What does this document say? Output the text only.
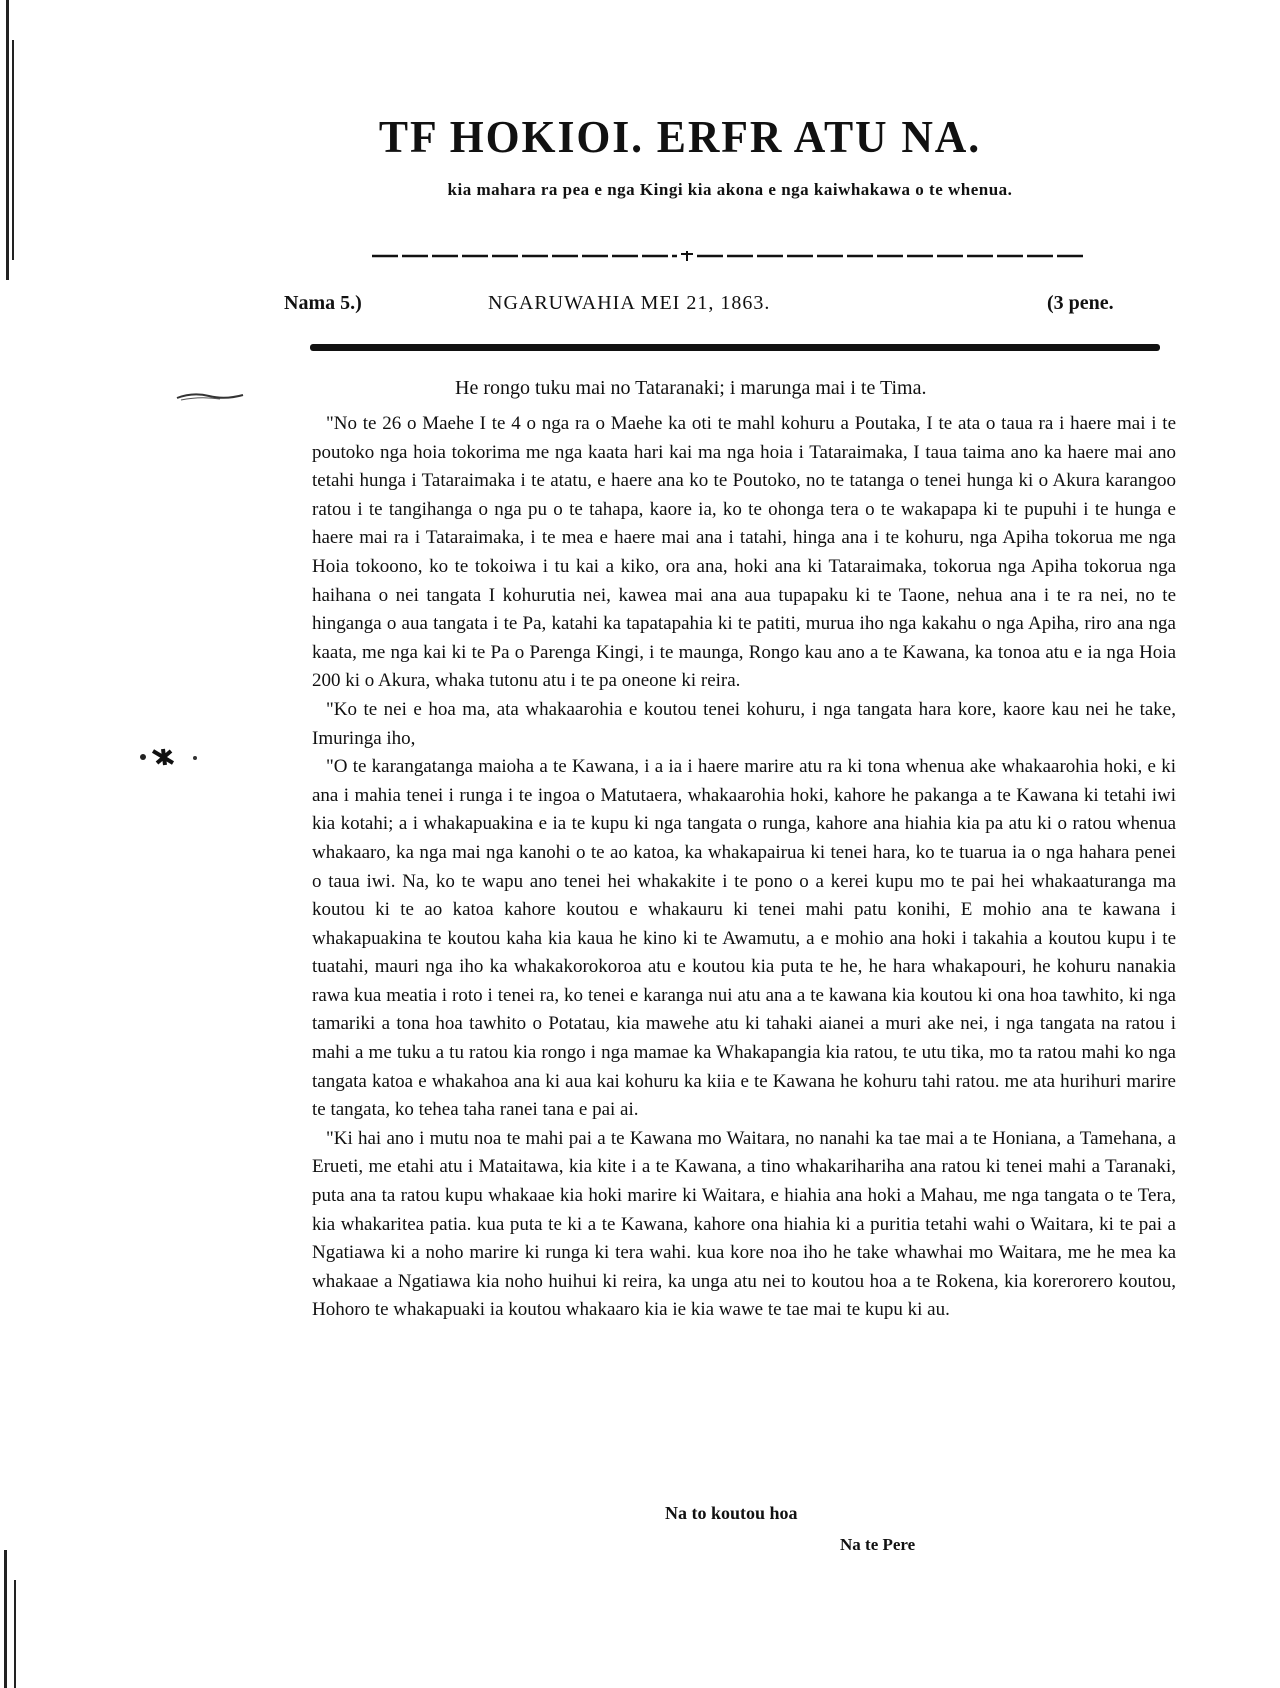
TF HOKIOI. ERFR ATU NA.
kia mahara ra pea e nga Kingi kia akona e nga kaiwhakawa o te whenua.
Nama 5.)	NGARUWAHIA MEI 21, 1863.	(3 pene.
He rongo tuku mai no Tataranaki; i marunga mai i te Tima.

"No te 26 o Maehe I te 4 o nga ra o Maehe ka oti te mahl kohuru a Poutaka, I te ata o taua ra i haere mai i te poutoko nga hoia tokorima me nga kaata hari kai ma nga hoia i Tataraimaka, I taua taima ano ka haere mai ano tetahi hunga i Tataraimaka i te atatu, e haere ana ko te Poutoko, no te tatanga o tenei hunga ki o Akura karangoo ratou i te tangihanga o nga pu o te tahapa, kaore ia, ko te ohonga tera o te wakapapa ki te pupuhi i te hunga e haere mai ra i Tataraimaka, i te mea e haere mai ana i tatahi, hinga ana i te kohuru, nga Apiha tokorua me nga Hoia tokoono, ko te tokoiwa i tu kai a kiko, ora ana, hoki ana ki Tataraimaka, tokorua nga Apiha tokorua nga haihana o nei tangata I kohurutia nei, kawea mai ana aua tupapaku ki te Taone, nehua ana i te ra nei, no te hinganga o aua tangata i te Pa, katahi ka tapatapahia ki te patiti, murua iho nga kakahu o nga Apiha, riro ana nga kaata, me nga kai ki te Pa o Parenga Kingi, i te maunga, Rongo kau ano a te Kawana, ka tonoa atu e ia nga Hoia 200 ki o Akura, whaka tutonu atu i te pa oneone ki reira.

"Ko te nei e hoa ma, ata whakaarohia e koutou tenei kohuru, i nga tangata hara kore, kaore kau nei he take, Imuringa iho,

"O te karangatanga maioha a te Kawana, i a ia i haere marire atu ra ki tona whenua ake whakaarohia hoki, e ki ana i mahia tenei i runga i te ingoa o Matutaera, whakaarohia hoki, kahore he pakanga a te Kawana ki tetahi iwi kia kotahi; a i whakapuakina e ia te kupu ki nga tangata o runga, kahore ana hiahia kia pa atu ki o ratou whenua whakaaro, ka nga mai nga kanohi o te ao katoa, ka whakapairua ki tenei hara, ko te tuarua ia o nga hahara penei o taua iwi. Na, ko te wapu ano tenei hei whakakite i te pono o a kerei kupu mo te pai hei whakaaturanga ma koutou ki te ao katoa kahore koutou e whakauru ki tenei mahi patu konihi, E mohio ana te kawana i whakapuakina te koutou kaha kia kaua he kino ki te Awamutu, a e mohio ana hoki i takahia a koutou kupu i te tuatahi, mauri nga iho ka whakakorokoroa atu e koutou kia puta te he, he hara whakapouri, he kohuru nanakia rawa kua meatia i roto i tenei ra, ko tenei e karanga nui atu ana a te kawana kia koutou ki ona hoa tawhito, ki nga tamariki a tona hoa tawhito o Potatau, kia mawehe atu ki tahaki aianei a muri ake nei, i nga tangata na ratou i mahi a me tuku a tu ratou kia rongo i nga mamae ka Whakapangia kia ratou, te utu tika, mo ta ratou mahi ko nga tangata katoa e whakahoa ana ki aua kai kohuru ka kiia e te Kawana he kohuru tahi ratou. me ata hurihuri marire te tangata, ko tehea taha ranei tana e pai ai.

"Ki hai ano i mutu noa te mahi pai a te Kawana mo Waitara, no nanahi ka tae mai a te Honiana, a Tamehana, a Erueti, me etahi atu i Mataitawa, kia kite i a te Kawana, a tino whakarihariha ana ratou ki tenei mahi a Taranaki, puta ana ta ratou kupu whakaae kia hoki marire ki Waitara, e hiahia ana hoki a Mahau, me nga tangata o te Tera, kia whakaritea patia. kua puta te ki a te Kawana, kahore ona hiahia ki a puritia tetahi wahi o Waitara, ki te pai a Ngatiawa ki a noho marire ki runga ki tera wahi. kua kore noa iho he take whawhai mo Waitara, me he mea ka whakaae a Ngatiawa kia noho huihui ki reira, ka unga atu nei to koutou hoa a te Rokena, kia korerorero koutou, Hohoro te whakapuaki ia koutou whakaaro kia ie kia wawe te tae mai te kupu ki au.

Na to koutou hoa
Na te Pere
